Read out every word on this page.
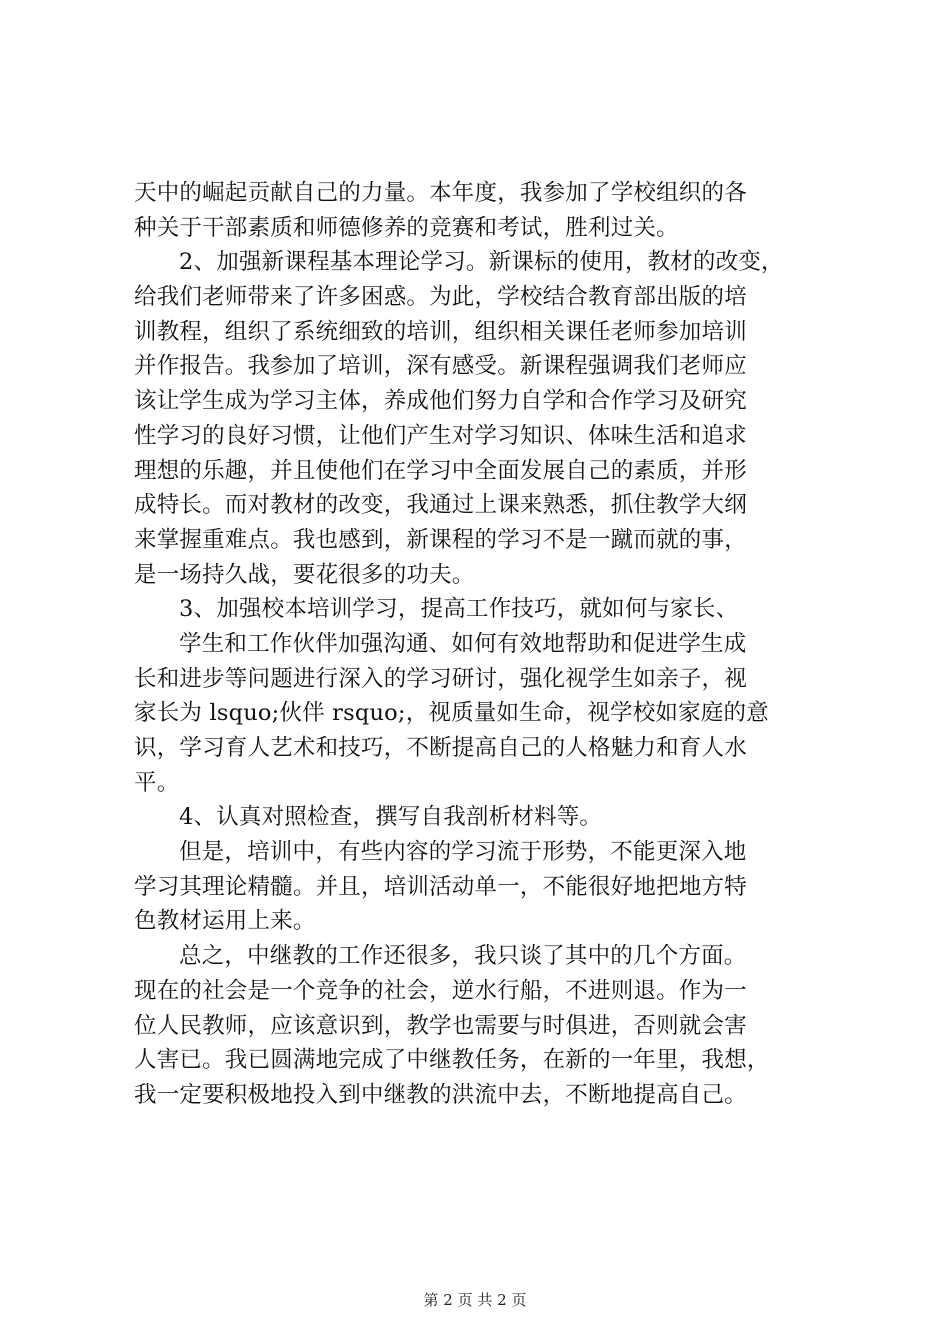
天中的崛起贡献自己的力量。本年度，我参加了学校组织的各
种关于干部素质和师德修养的竞赛和考试，胜利过关。
2、加强新课程基本理论学习。新课标的使用，教材的改变，
给我们老师带来了许多困惑。为此，学校结合教育部出版的培
训教程，组织了系统细致的培训，组织相关课任老师参加培训
并作报告。我参加了培训，深有感受。新课程强调我们老师应
该让学生成为学习主体，养成他们努力自学和合作学习及研究
性学习的良好习惯，让他们产生对学习知识、体味生活和追求
理想的乐趣，并且使他们在学习中全面发展自己的素质，并形
成特长。而对教材的改变，我通过上课来熟悉，抓住教学大纲
来掌握重难点。我也感到，新课程的学习不是一蹴而就的事，
是一场持久战，要花很多的功夫。
3、加强校本培训学习，提高工作技巧，就如何与家长、
学生和工作伙伴加强沟通、如何有效地帮助和促进学生成
长和进步等问题进行深入的学习研讨，强化视学生如亲子，视
家长为 lsquo;伙伴 rsquo;，视质量如生命，视学校如家庭的意
识，学习育人艺术和技巧，不断提高自己的人格魅力和育人水
平。
4、认真对照检查，撰写自我剖析材料等。
但是，培训中，有些内容的学习流于形势，不能更深入地
学习其理论精髓。并且，培训活动单一，不能很好地把地方特
色教材运用上来。
总之，中继教的工作还很多，我只谈了其中的几个方面。
现在的社会是一个竞争的社会，逆水行船，不进则退。作为一
位人民教师，应该意识到，教学也需要与时俱进，否则就会害
人害已。我已圆满地完成了中继教任务，在新的一年里，我想，
我一定要积极地投入到中继教的洪流中去，不断地提高自己。
第 2 页 共 2 页
